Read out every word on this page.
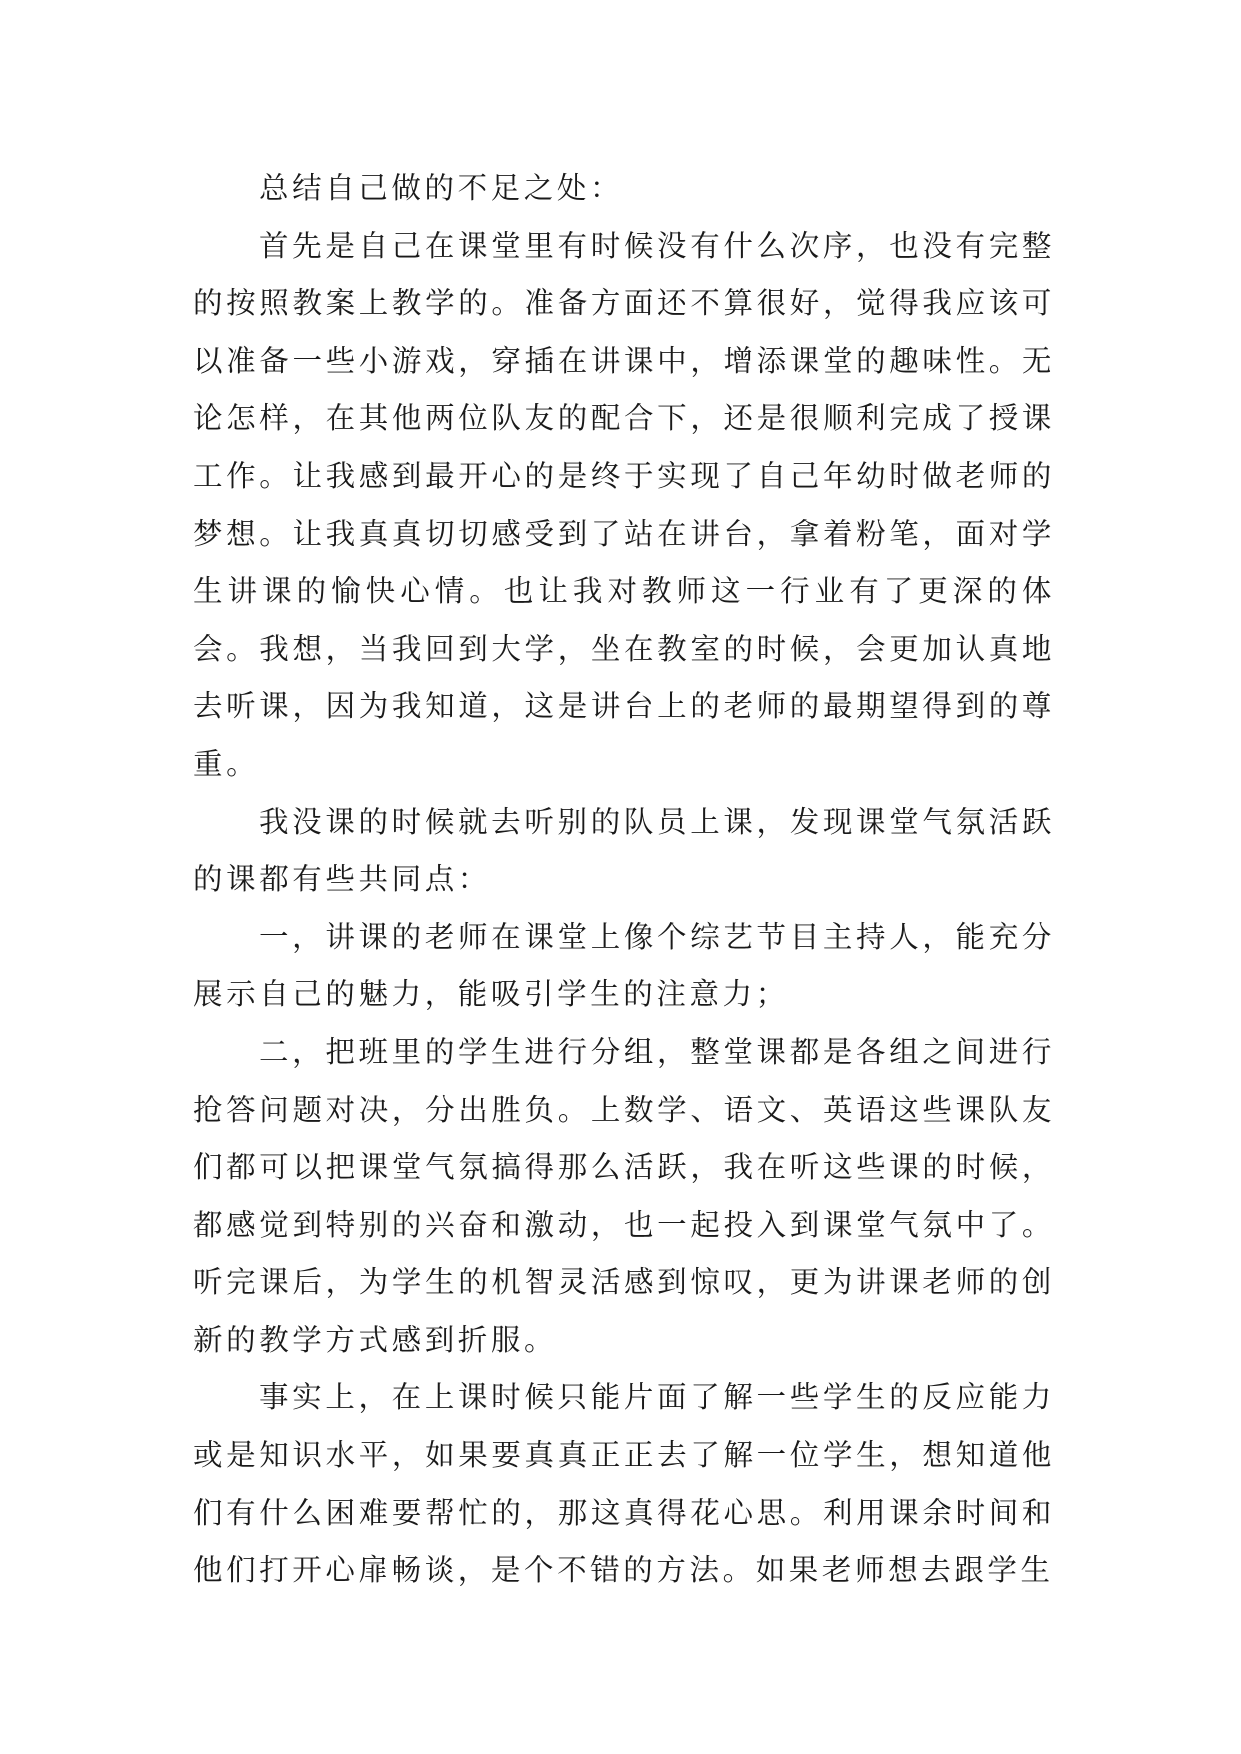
总结自己做的不足之处：

首先是自己在课堂里有时候没有什么次序，也没有完整的按照教案上教学的。准备方面还不算很好，觉得我应该可以准备一些小游戏，穿插在讲课中，增添课堂的趣味性。无论怎样，在其他两位队友的配合下，还是很顺利完成了授课工作。让我感到最开心的是终于实现了自己年幼时做老师的梦想。让我真真切切感受到了站在讲台，拿着粉笔，面对学生讲课的愉快心情。也让我对教师这一行业有了更深的体会。我想，当我回到大学，坐在教室的时候，会更加认真地去听课，因为我知道，这是讲台上的老师的最期望得到的尊重。

我没课的时候就去听别的队员上课，发现课堂气氛活跃的课都有些共同点：

一，讲课的老师在课堂上像个综艺节目主持人，能充分展示自己的魅力，能吸引学生的注意力；

二，把班里的学生进行分组，整堂课都是各组之间进行抢答问题对决，分出胜负。上数学、语文、英语这些课队友们都可以把课堂气氛搞得那么活跃，我在听这些课的时候，都感觉到特别的兴奋和激动，也一起投入到课堂气氛中了。听完课后，为学生的机智灵活感到惊叹，更为讲课老师的创新的教学方式感到折服。

事实上，在上课时候只能片面了解一些学生的反应能力或是知识水平，如果要真真正正去了解一位学生，想知道他们有什么困难要帮忙的，那这真得花心思。利用课余时间和他们打开心扉畅谈，是个不错的方法。如果老师想去跟学生
